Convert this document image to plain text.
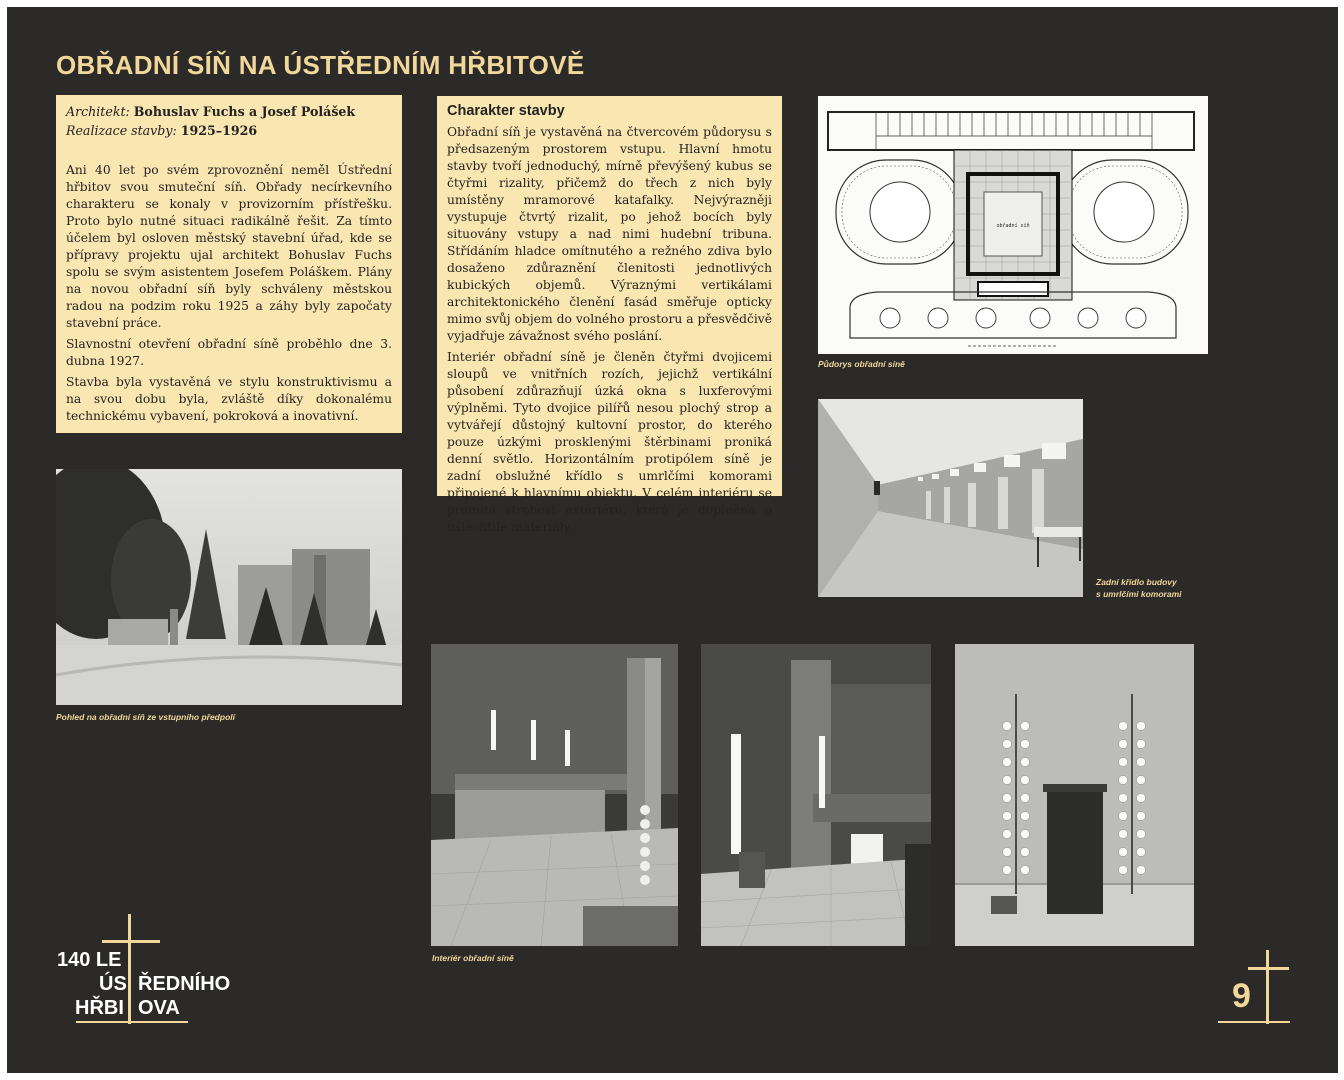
OBŘADNÍ SÍŇ NA ÚSTŘEDNÍM HŘBITOVĚ
Architekt: Bohuslav Fuchs a Josef Polášek
Realizace stavby: 1925–1926

Ani 40 let po svém zprovoznění neměl Ústřední hřbitov svou smuteční síň. Obřady necírkevního charakteru se konaly v provizorním přístřešku. Proto bylo nutné situaci radikálně řešit. Za tímto účelem byl osloven městský stavební úřad, kde se přípravy projektu ujal architekt Bohuslav Fuchs spolu se svým asistentem Josefem Poláškem. Plány na novou obřadní síň byly schváleny městskou radou na podzim roku 1925 a záhy byly započaty stavební práce.

Slavnostní otevření obřadní síně proběhlo dne 3. dubna 1927.

Stavba byla vystavěná ve stylu konstruktivismu a na svou dobu byla, zvláště díky dokonalému technickému vybavení, pokroková a inovativní.

Charakter stavby

Obřadní síň je vystavěná na čtvercovém půdorysu s předsazeným prostorem vstupu. Hlavní hmotu stavby tvoří jednoduchý, mírně převýšený kubus se čtyřmi rizality, přičemž do třech z nich byly umístěny mramorové katafalky. Nejvýrazněji vystupuje čtvrtý rizalit, po jehož bocích byly situovány vstupy a nad nimi hudební tribuna. Střídáním hladce omítnutého a režného zdiva bylo dosaženo zdůraznění členitosti jednotlivých kubických objemů. Výraznými vertikálami architektonického členění fasád směřuje opticky mimo svůj objem do volného prostoru a přesvědčivě vyjadřuje závažnost svého poslání.

Interiér obřadní síně je členěn čtyřmi dvojicemi sloupů ve vnitřních rozích, jejichž vertikální působení zdůrazňují úzká okna s luxferovými výplněmi. Tyto dvojice pilířů nesou plochý strop a vytvářejí důstojný kultovní prostor, do kterého pouze úzkými prosklenými štěrbinami proniká denní světlo. Horizontálním protipólem síně je zadní obslužné křídlo s umrlčími komorami připojené k hlavnímu objektu. V celém interiéru se promítá strohost exteriéru, která je doplněna o ušlechtilé materiály.

obřadní síň
Půdorys obřadní síně
Pohled na obřadní síň ze vstupního předpolí
Zadní křídlo budovy
s umrlčími komorami
Interiér obřadní síně
140 LE
ÚS ŘEDNÍHO
HŘBI OVA	9
